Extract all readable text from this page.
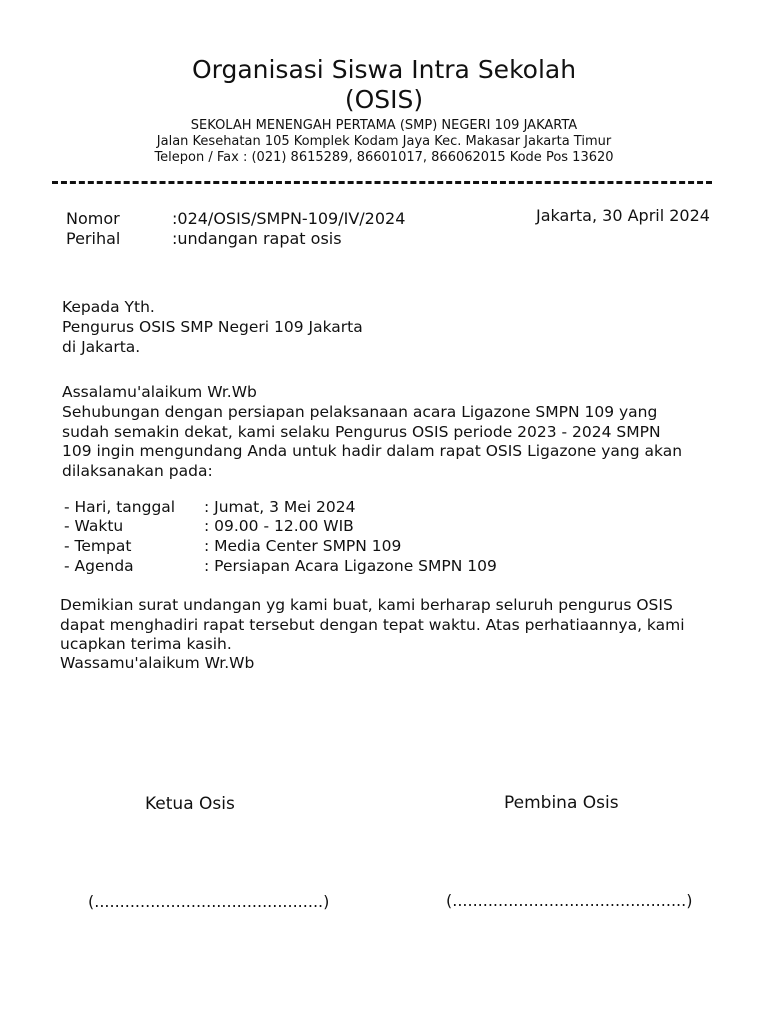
Organisasi Siswa Intra Sekolah
(OSIS)
SEKOLAH MENENGAH PERTAMA (SMP) NEGERI 109 JAKARTA
Jalan Kesehatan 105 Komplek Kodam Jaya Kec. Makasar Jakarta Timur
Telepon / Fax : (021) 8615289, 86601017, 866062015 Kode Pos 13620
Nomor	:024/OSIS/SMPN-109/IV/2024
Perihal	:undangan rapat osis
Jakarta, 30 April 2024
Kepada Yth.
Pengurus OSIS SMP Negeri 109 Jakarta
di Jakarta.
Assalamu'alaikum Wr.Wb
Sehubungan dengan persiapan pelaksanaan acara Ligazone SMPN 109 yang
sudah semakin dekat, kami selaku Pengurus OSIS periode 2023 - 2024 SMPN
109 ingin mengundang Anda untuk hadir dalam rapat OSIS Ligazone yang akan
dilaksanakan pada:
- Hari, tanggal : Jumat, 3 Mei 2024
- Waktu	: 09.00 - 12.00 WIB
- Tempat	: Media Center SMPN 109
- Agenda	: Persiapan Acara Ligazone SMPN 109
Demikian surat undangan yg kami buat, kami berharap seluruh pengurus OSIS
dapat menghadiri rapat tersebut dengan tepat waktu. Atas perhatiaannya, kami
ucapkan terima kasih.
Wassamu'alaikum Wr.Wb
Ketua Osis	Pembina Osis
(.............................................)	(..............................................)
